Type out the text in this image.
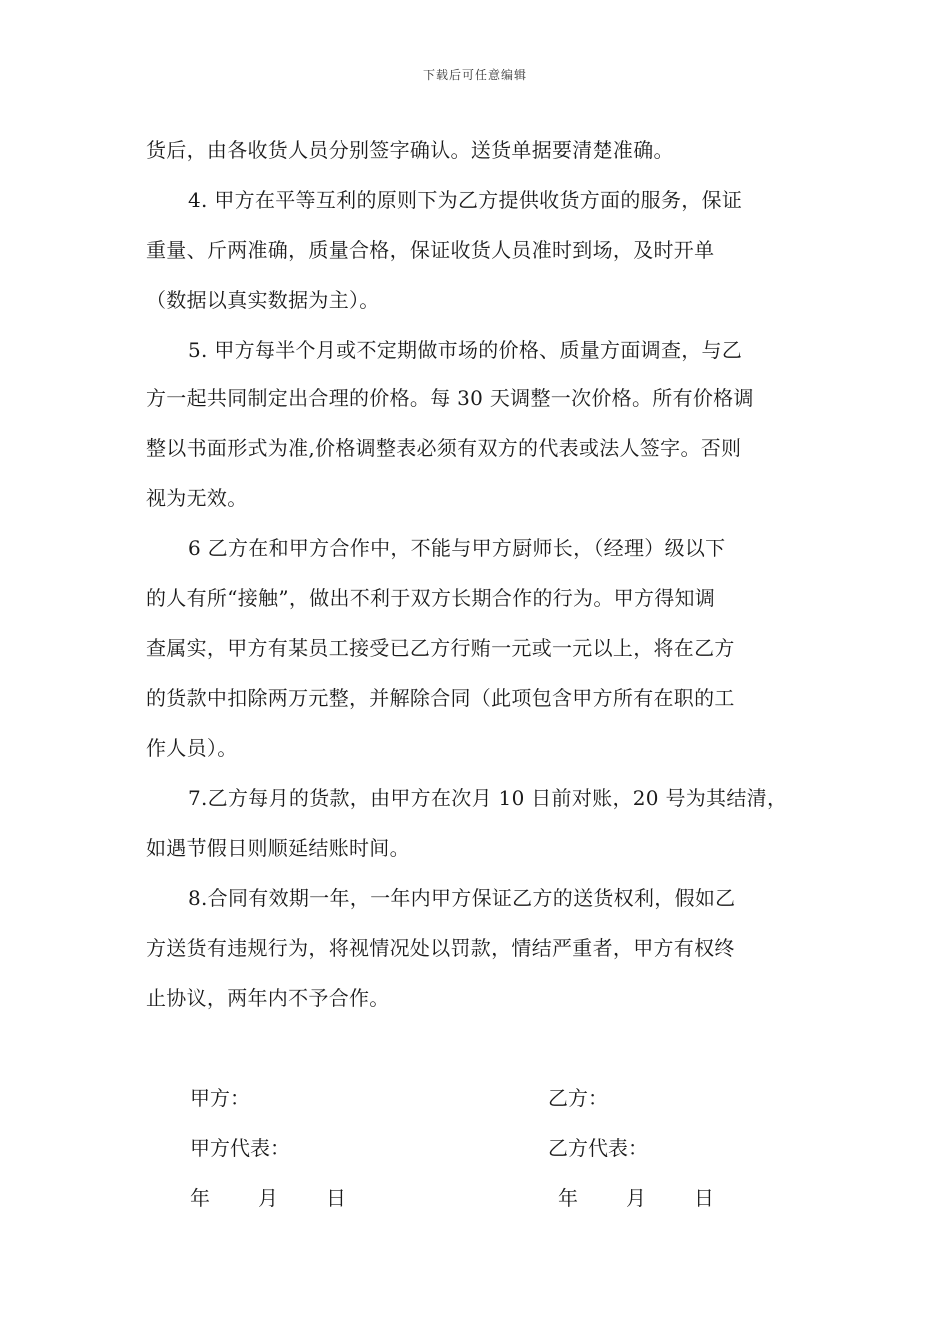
下载后可任意编辑
货后，由各收货人员分别签字确认。送货单据要清楚准确。
4. 甲方在平等互利的原则下为乙方提供收货方面的服务，保证
重量、斤两准确，质量合格，保证收货人员准时到场，及时开单
（数据以真实数据为主）。
5. 甲方每半个月或不定期做市场的价格、质量方面调查，与乙
方一起共同制定出合理的价格。每 30 天调整一次价格。所有价格调
整以书面形式为准,价格调整表必须有双方的代表或法人签字。否则
视为无效。
6 乙方在和甲方合作中，不能与甲方厨师长，（经理）级以下
的人有所“接触”，做出不利于双方长期合作的行为。甲方得知调
查属实，甲方有某员工接受已乙方行贿一元或一元以上，将在乙方
的货款中扣除两万元整，并解除合同（此项包含甲方所有在职的工
作人员）。
7.乙方每月的货款，由甲方在次月 10 日前对账，20 号为其结清，
如遇节假日则顺延结账时间。
8.合同有效期一年，一年内甲方保证乙方的送货权利，假如乙
方送货有违规行为，将视情况处以罚款，情结严重者，甲方有权终
止协议，两年内不予合作。
甲方：	乙方：
甲方代表：	乙方代表：
年 月 日	年 月 日
